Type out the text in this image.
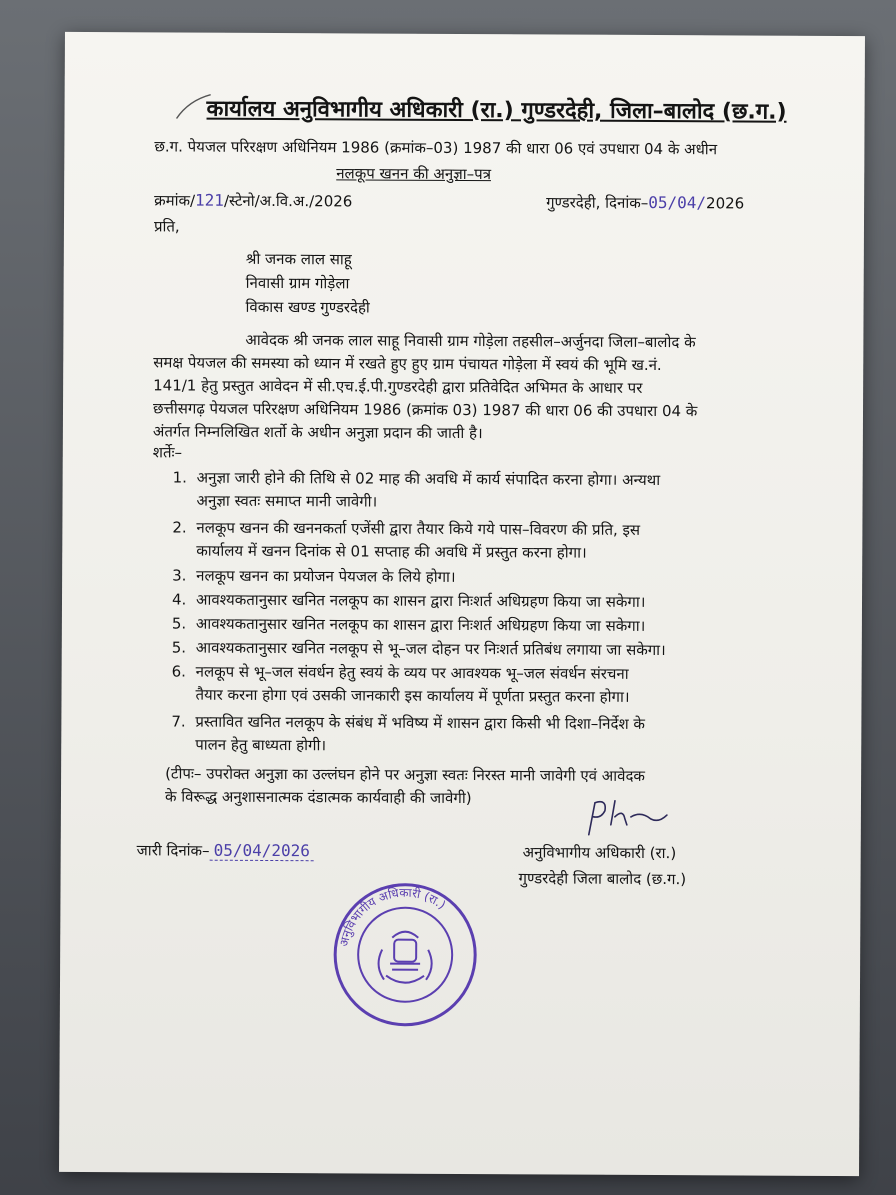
कार्यालय अनुविभागीय अधिकारी (रा.) गुण्डरदेही, जिला–बालोद (छ.ग.)
छ.ग. पेयजल परिरक्षण अधिनियम 1986 (क्रमांक–03) 1987 की धारा 06 एवं उपधारा 04 के अधीन
नलकूप खनन की अनुज्ञा–पत्र
क्रमांक/121/स्टेनो/अ.वि.अ./2026	गुण्डरदेही, दिनांक–05/04/2026
प्रति,
श्री जनक लाल साहू
निवासी ग्राम गोड़ेला
विकास खण्ड गुण्डरदेही
आवेदक श्री जनक लाल साहू निवासी ग्राम गोड़ेला तहसील–अर्जुनदा जिला–बालोद के
समक्ष पेयजल की समस्या को ध्यान में रखते हुए हुए ग्राम पंचायत गोड़ेला में स्वयं की भूमि ख.नं.
141/1 हेतु प्रस्तुत आवेदन में सी.एच.ई.पी.गुण्डरदेही द्वारा प्रतिवेदित अभिमत के आधार पर
छत्तीसगढ़ पेयजल परिरक्षण अधिनियम 1986 (क्रमांक 03) 1987 की धारा 06 की उपधारा 04 के
अंतर्गत निम्नलिखित शर्तो के अधीन अनुज्ञा प्रदान की जाती है।
शर्तेः–
1. अनुज्ञा जारी होने की तिथि से 02 माह की अवधि में कार्य संपादित करना होगा। अन्यथा
अनुज्ञा स्वतः समाप्त मानी जावेगी।
2. नलकूप खनन की खननकर्ता एजेंसी द्वारा तैयार किये गये पास–विवरण की प्रति, इस
कार्यालय में खनन दिनांक से 01 सप्ताह की अवधि में प्रस्तुत करना होगा।
3. नलकूप खनन का प्रयोजन पेयजल के लिये होगा।
4. आवश्यकतानुसार खनित नलकूप का शासन द्वारा निःशर्त अधिग्रहण किया जा सकेगा।
5. आवश्यकतानुसार खनित नलकूप का शासन द्वारा निःशर्त अधिग्रहण किया जा सकेगा।
5. आवश्यकतानुसार खनित नलकूप से भू–जल दोहन पर निःशर्त प्रतिबंध लगाया जा सकेगा।
6. नलकूप से भू–जल संवर्धन हेतु स्वयं के व्यय पर आवश्यक भू–जल संवर्धन संरचना
तैयार करना होगा एवं उसकी जानकारी इस कार्यालय में पूर्णता प्रस्तुत करना होगा।
7. प्रस्तावित खनित नलकूप के संबंध में भविष्य में शासन द्वारा किसी भी दिशा–निर्देश के
पालन हेतु बाध्यता होगी।
(टीपः– उपरोक्त अनुज्ञा का उल्लंघन होने पर अनुज्ञा स्वतः निरस्त मानी जावेगी एवं आवेदक
के विरूद्ध अनुशासनात्मक दंडात्मक कार्यवाही की जावेगी)
जारी दिनांक– 05/04/2026	अनुविभागीय अधिकारी (रा.)
गुण्डरदेही जिला बालोद (छ.ग.)
अनुविभागीय अधिकारी (रा.)
